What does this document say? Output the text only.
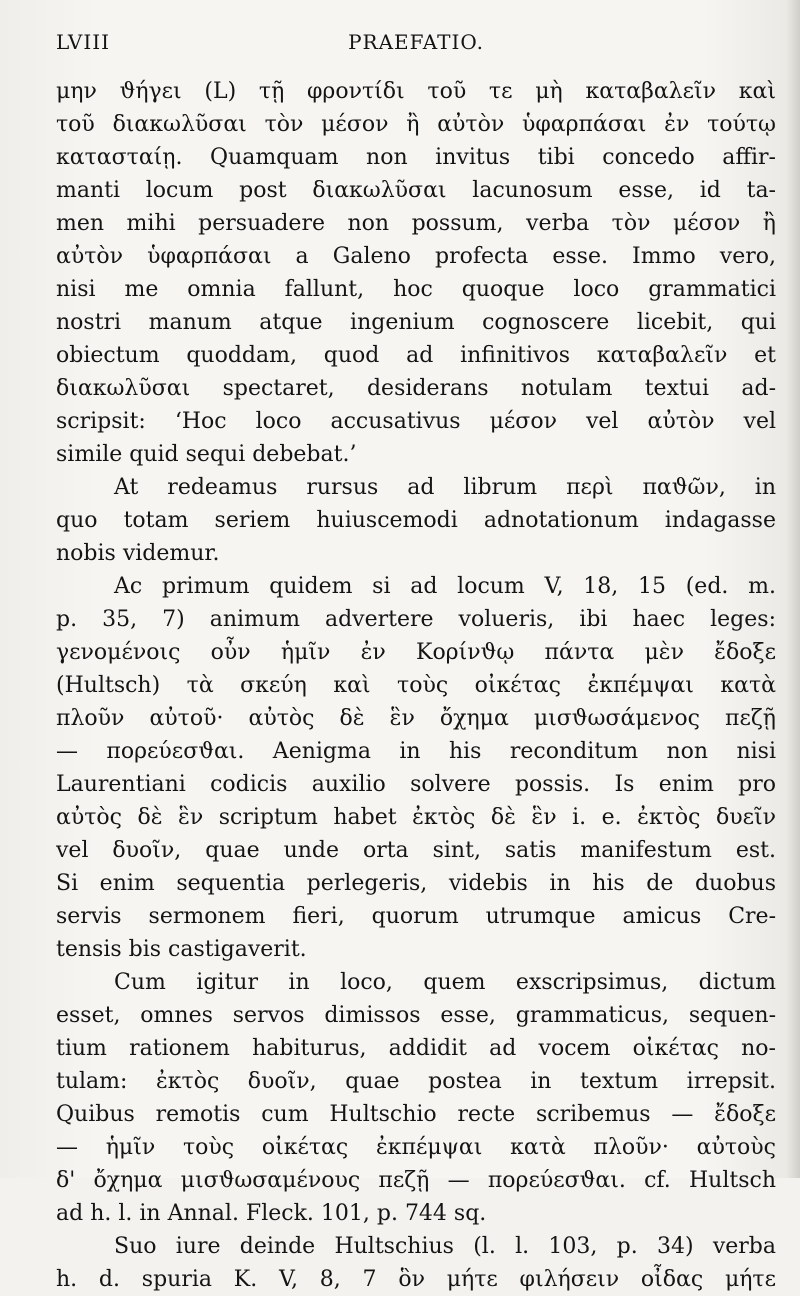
LVIII	PRAEFATIO.
μην ϑήγει (L) τῇ φροντίδι τοῦ τε μὴ καταβαλεῖν καὶ
τοῦ διακωλῦσαι τὸν μέσον ἢ αὐτὸν ὑφαρπάσαι ἐν τούτῳ
κατασταίῃ. Quamquam non invitus tibi concedo affir-
manti locum post διακωλῦσαι lacunosum esse, id ta-
men mihi persuadere non possum, verba τὸν μέσον ἢ
αὐτὸν ὑφαρπάσαι a Galeno profecta esse. Immo vero,
nisi me omnia fallunt, hoc quoque loco grammatici
nostri manum atque ingenium cognoscere licebit, qui
obiectum quoddam, quod ad infinitivos καταβαλεῖν et
διακωλῦσαι spectaret, desiderans notulam textui ad-
scripsit: ‘Hoc loco accusativus μέσον vel αὐτὸν vel
simile quid sequi debebat.’
At redeamus rursus ad librum περὶ παϑῶν, in
quo totam seriem huiuscemodi adnotationum indagasse
nobis videmur.
Ac primum quidem si ad locum V, 18, 15 (ed. m.
p. 35, 7) animum advertere volueris, ibi haec leges:
γενομένοις οὖν ἡμῖν ἐν Κορίνϑῳ πάντα μὲν ἔδοξε
(Hultsch) τὰ σκεύη καὶ τοὺς οἰκέτας ἐκπέμψαι κατὰ
πλοῦν αὐτοῦ· αὐτὸς δὲ ἓν ὄχημα μισϑωσάμενος πεζῇ
— πορεύεσϑαι. Aenigma in his reconditum non nisi
Laurentiani codicis auxilio solvere possis. Is enim pro
αὐτὸς δὲ ἓν scriptum habet ἐκτὸς δὲ ἓν i. e. ἐκτὸς δυεῖν
vel δυοῖν, quae unde orta sint, satis manifestum est.
Si enim sequentia perlegeris, videbis in his de duobus
servis sermonem fieri, quorum utrumque amicus Cre-
tensis bis castigaverit.
Cum igitur in loco, quem exscripsimus, dictum
esset, omnes servos dimissos esse, grammaticus, sequen-
tium rationem habiturus, addidit ad vocem οἰκέτας no-
tulam: ἐκτὸς δυοῖν, quae postea in textum irrepsit.
Quibus remotis cum Hultschio recte scribemus — ἔδοξε
— ἡμῖν τοὺς οἰκέτας ἐκπέμψαι κατὰ πλοῦν· αὐτοὺς
δ' ὄχημα μισϑωσαμένους πεζῇ — πορεύεσϑαι. cf. Hultsch
ad h. l. in Annal. Fleck. 101, p. 744 sq.
Suo iure deinde Hultschius (l. l. 103, p. 34) verba
h. d. spuria K. V, 8, 7 ὃν μήτε φιλήσειν οἶδας μήτε
